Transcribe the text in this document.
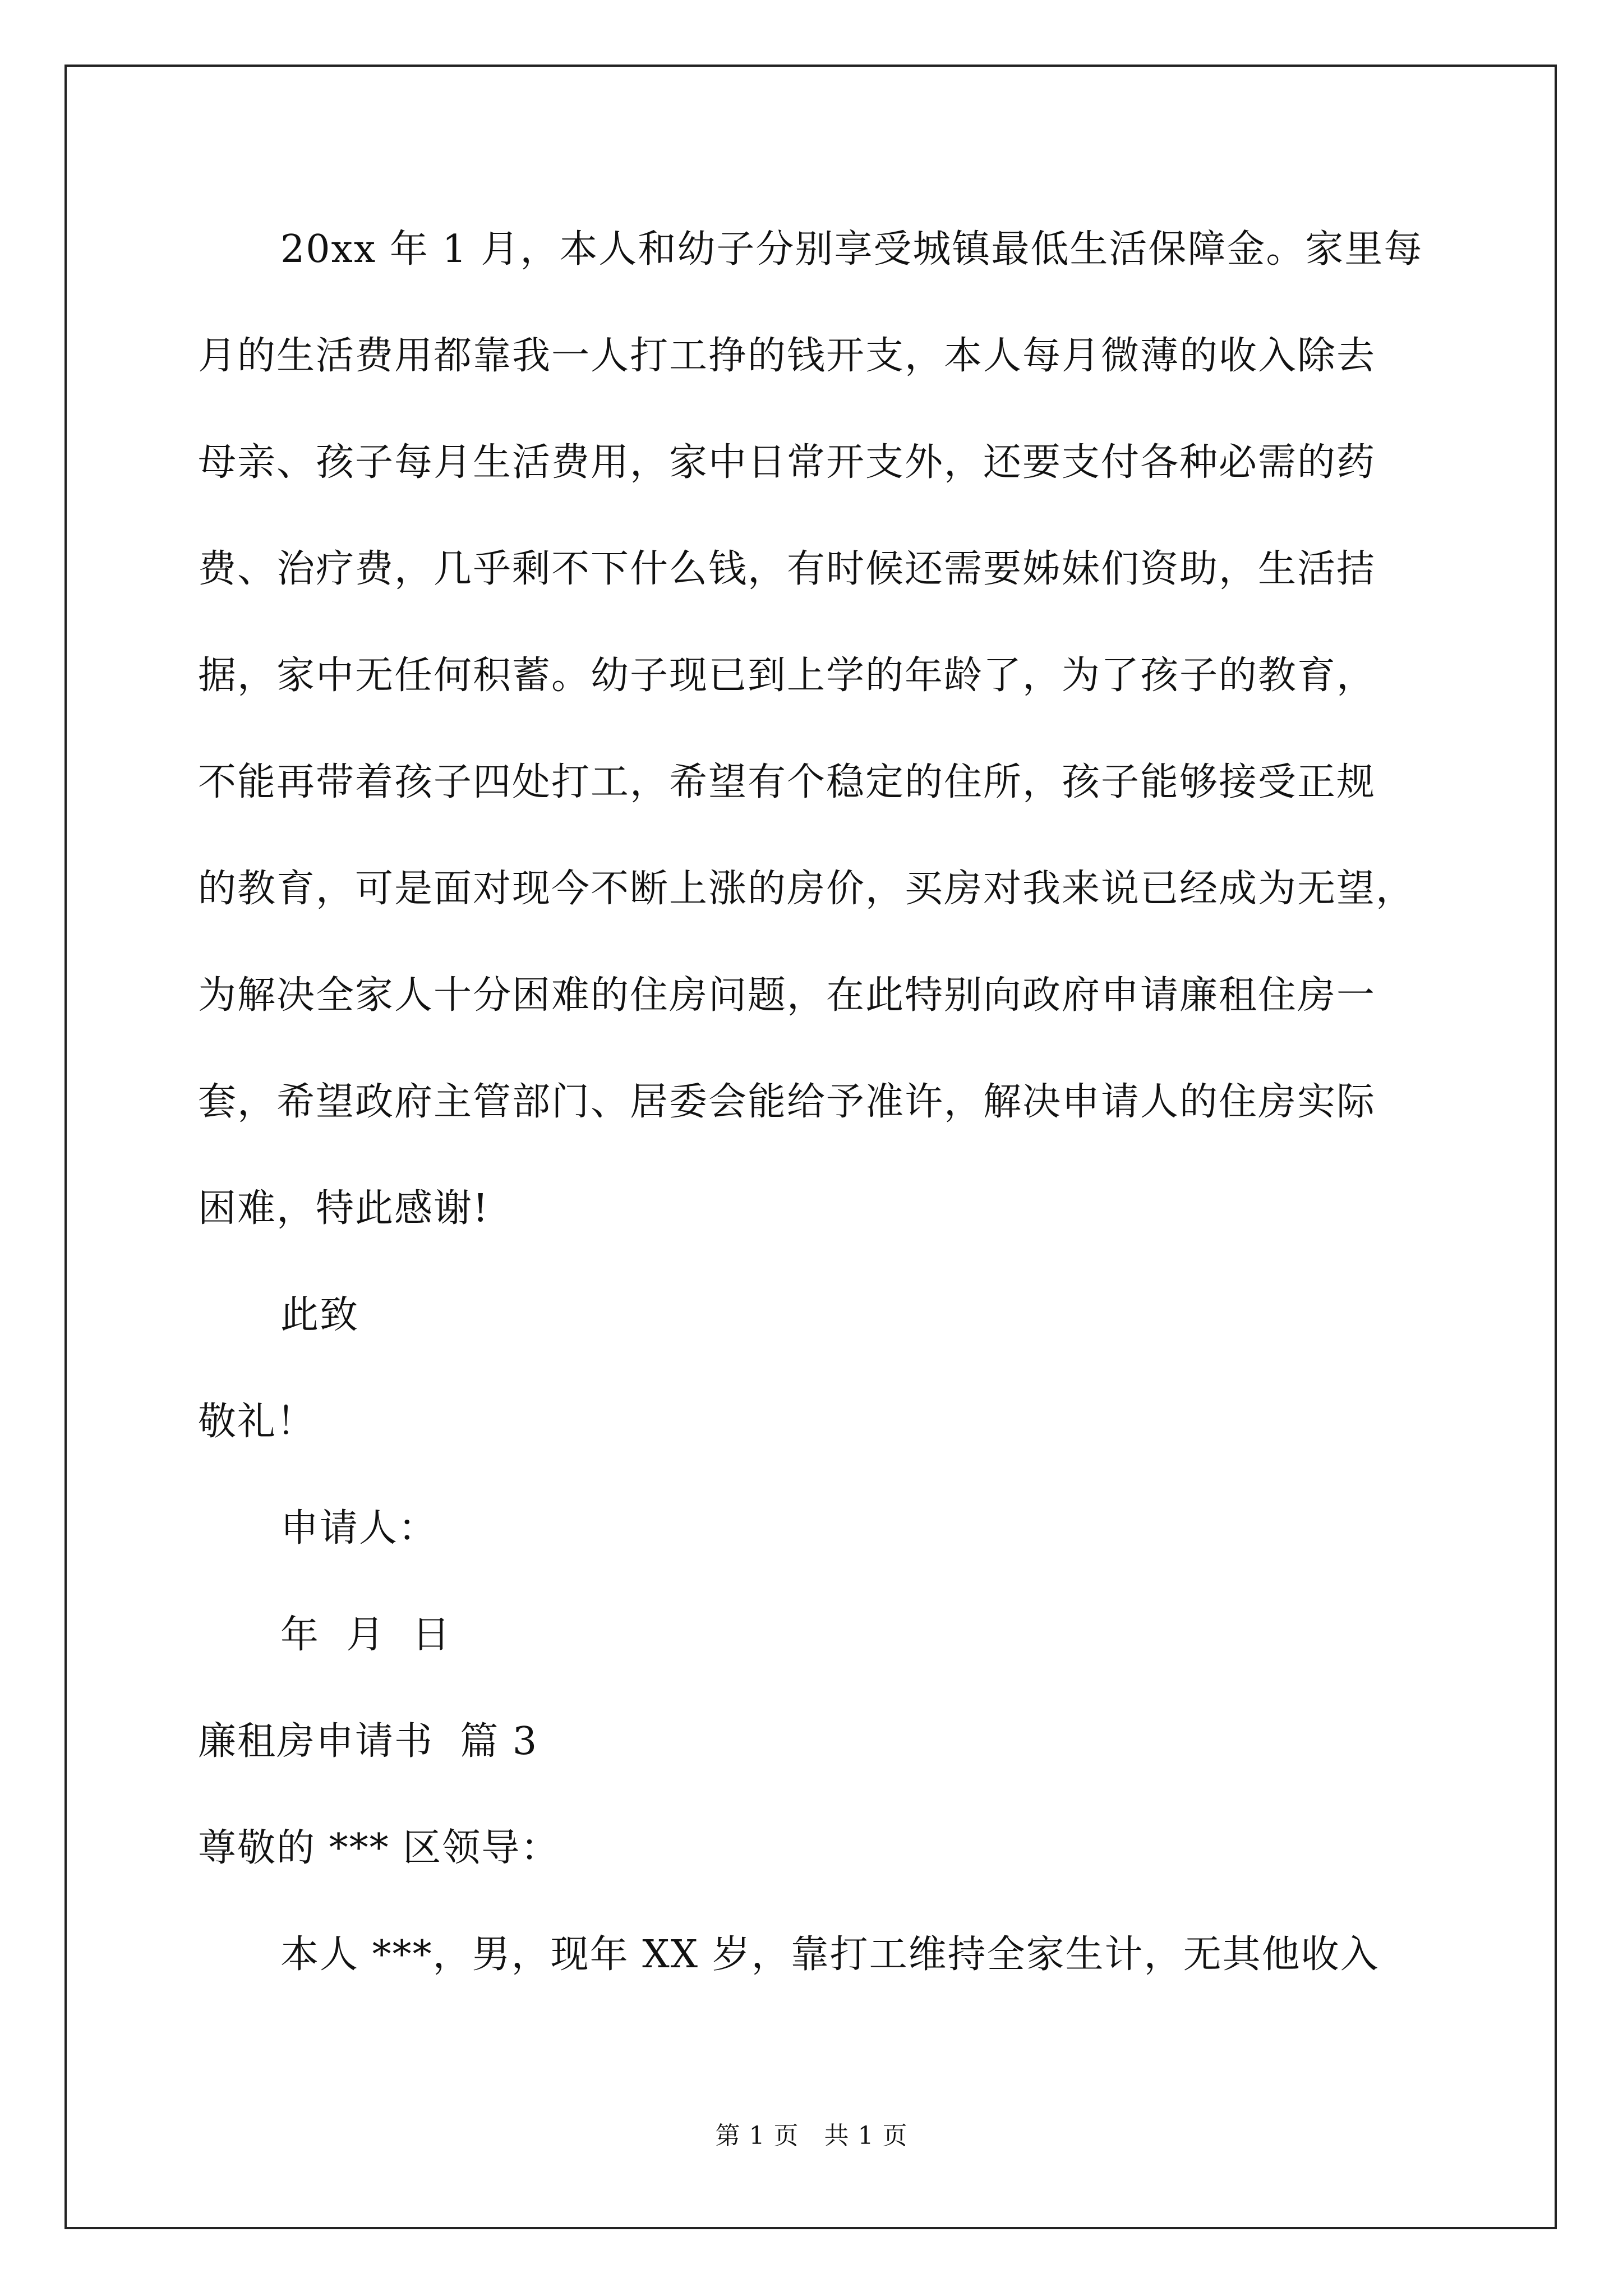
20xx 年 1 月，本人和幼子分别享受城镇最低生活保障金。家里每
月的生活费用都靠我一人打工挣的钱开支，本人每月微薄的收入除去
母亲、孩子每月生活费用，家中日常开支外，还要支付各种必需的药
费、治疗费，几乎剩不下什么钱，有时候还需要姊妹们资助，生活拮
据，家中无任何积蓄。幼子现已到上学的年龄了，为了孩子的教育，
不能再带着孩子四处打工，希望有个稳定的住所，孩子能够接受正规
的教育，可是面对现今不断上涨的房价，买房对我来说已经成为无望，
为解决全家人十分困难的住房问题，在此特别向政府申请廉租住房一
套，希望政府主管部门、居委会能给予准许，解决申请人的住房实际
困难，特此感谢!
此致
敬礼！
申请人：
年  月  日
廉租房申请书  篇 3
尊敬的 *** 区领导：
本人 ***，男，现年 XX 岁，靠打工维持全家生计，无其他收入
第 1 页　共 1 页
